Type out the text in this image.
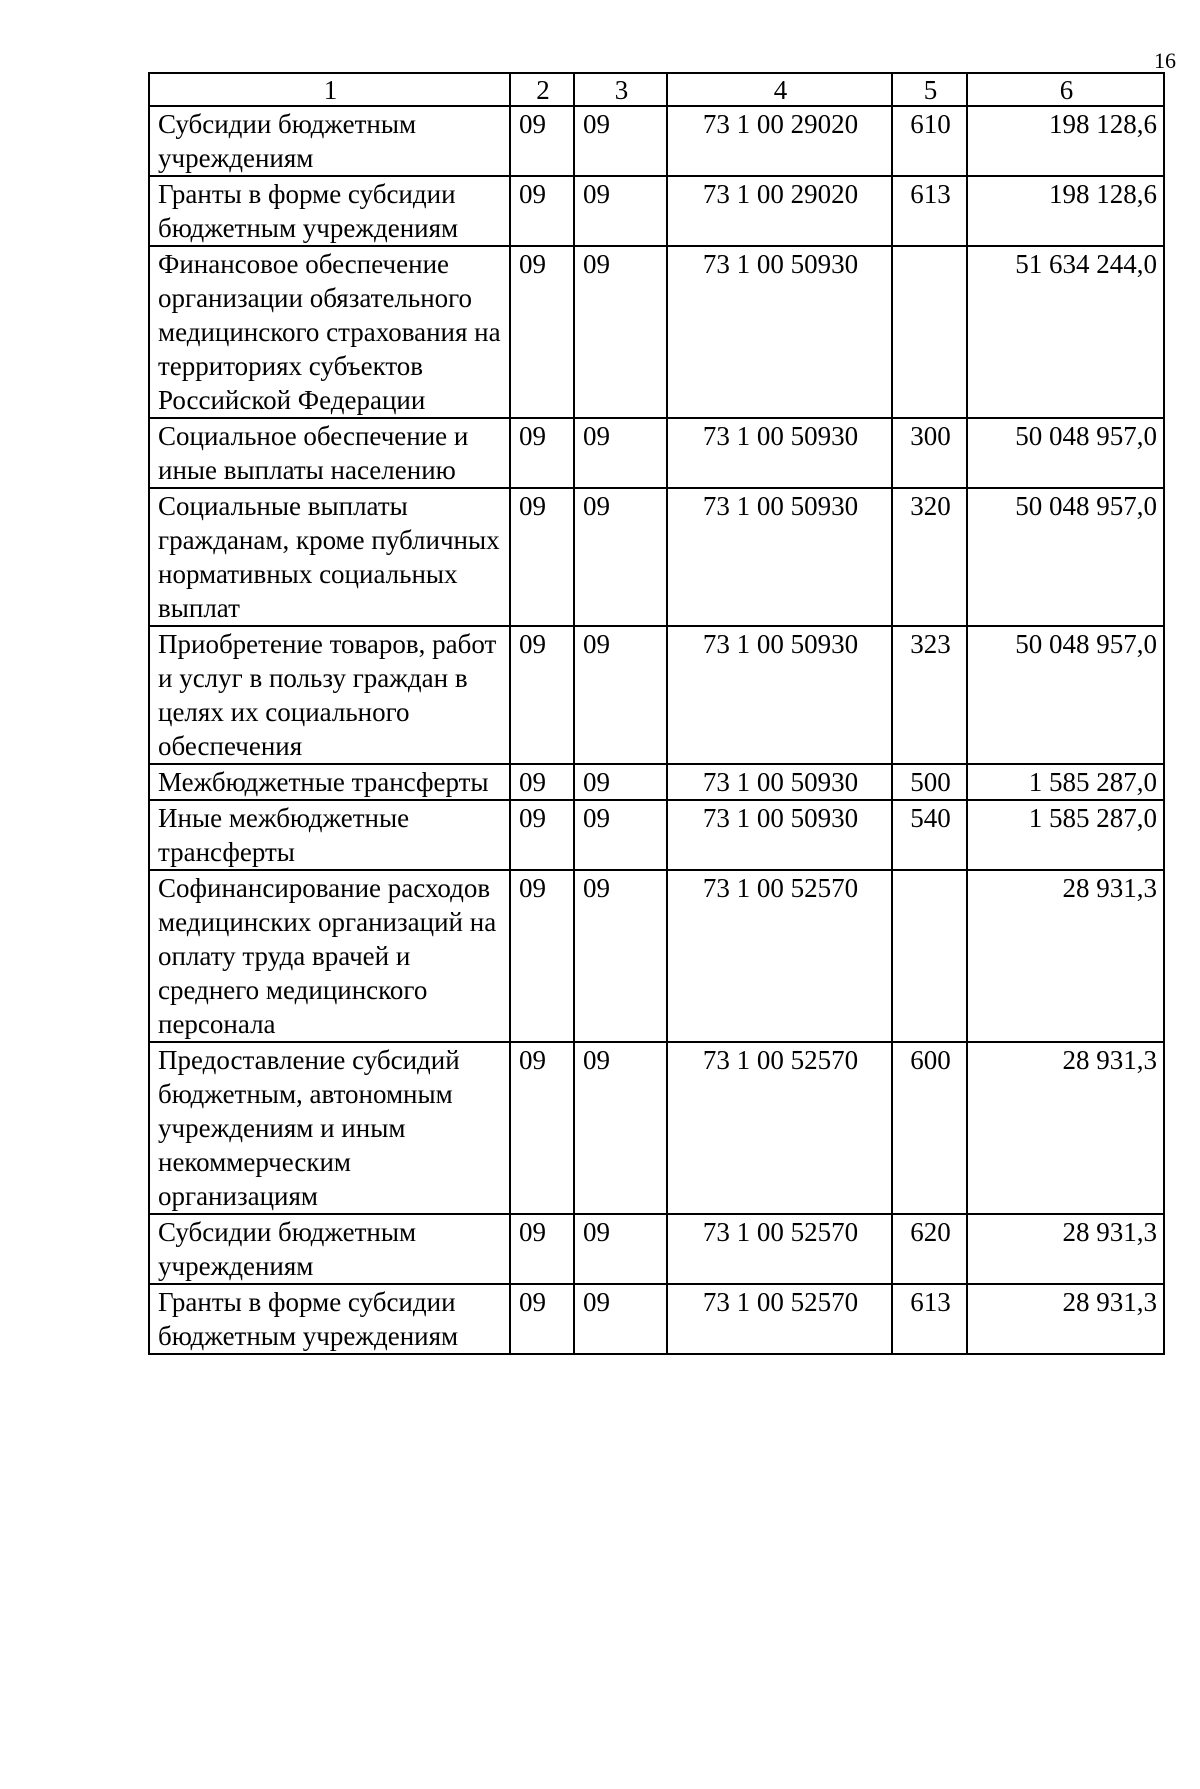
16
1	2	3	4	5	6
Субсидии бюджетным учреждениям	09	09	73 1 00 29020	610	198 128,6
Гранты в форме субсидии бюджетным учреждениям	09	09	73 1 00 29020	613	198 128,6
Финансовое обеспечение организации обязательного медицинского страхования на территориях субъектов Российской Федерации	09	09	73 1 00 50930		51 634 244,0
Социальное обеспечение и иные выплаты населению	09	09	73 1 00 50930	300	50 048 957,0
Социальные выплаты гражданам, кроме публичных нормативных социальных выплат	09	09	73 1 00 50930	320	50 048 957,0
Приобретение товаров, работ и услуг в пользу граждан в целях их социального обеспечения	09	09	73 1 00 50930	323	50 048 957,0
Межбюджетные трансферты	09	09	73 1 00 50930	500	1 585 287,0
Иные межбюджетные трансферты	09	09	73 1 00 50930	540	1 585 287,0
Софинансирование расходов медицинских организаций на оплату труда врачей и среднего медицинского персонала	09	09	73 1 00 52570		28 931,3
Предоставление субсидий бюджетным, автономным учреждениям и иным некоммерческим организациям	09	09	73 1 00 52570	600	28 931,3
Субсидии бюджетным учреждениям	09	09	73 1 00 52570	620	28 931,3
Гранты в форме субсидии бюджетным учреждениям	09	09	73 1 00 52570	613	28 931,3
